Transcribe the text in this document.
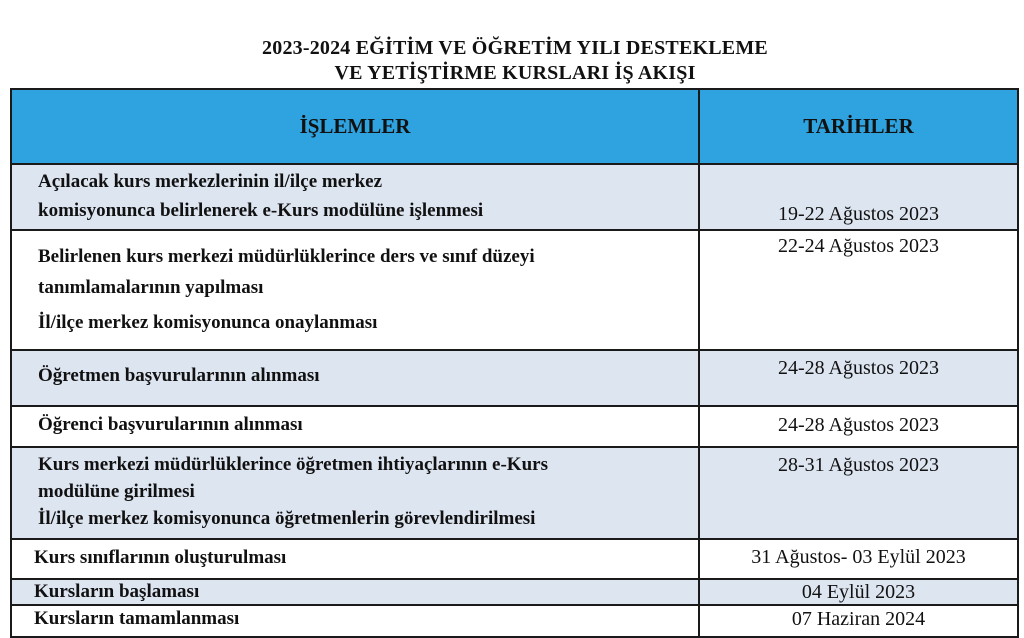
2023-2024 EĞİTİM VE ÖĞRETİM YILI DESTEKLEME
VE YETİŞTİRME KURSLARI İŞ AKIŞI
İŞLEMLER	TARİHLER

Açılacak kurs merkezlerinin il/ilçe merkez
komisyonunca belirlenerek e-Kurs modülüne işlenmesi	19-22 Ağustos 2023

Belirlenen kurs merkezi müdürlüklerince ders ve sınıf düzeyi
tanımlamalarının yapılması
İl/ilçe merkez komisyonunca onaylanması	22-24 Ağustos 2023

Öğretmen başvurularının alınması	24-28 Ağustos 2023

Öğrenci başvurularının alınması	24-28 Ağustos 2023

Kurs merkezi müdürlüklerince öğretmen ihtiyaçlarının e-Kurs
modülüne girilmesi
İl/ilçe merkez komisyonunca öğretmenlerin görevlendirilmesi	28-31 Ağustos 2023

Kurs sınıflarının oluşturulması	31 Ağustos- 03 Eylül 2023

Kursların başlaması	04 Eylül 2023

Kursların tamamlanması	07 Haziran 2024
